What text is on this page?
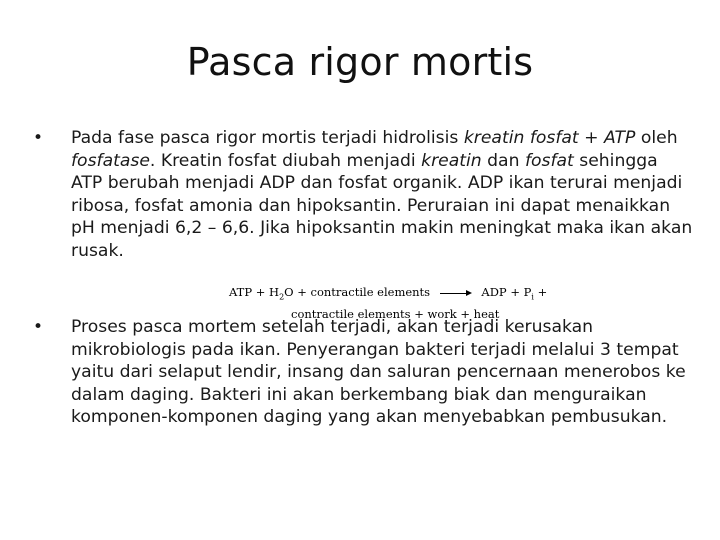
Pasca rigor mortis
• Pada fase pasca rigor mortis terjadi hidrolisis kreatin fosfat + ATP oleh fosfatase. Kreatin fosfat diubah menjadi kreatin dan fosfat sehingga ATP berubah menjadi ADP dan fosfat organik. ADP ikan terurai menjadi ribosa, fosfat amonia dan hipoksantin. Peruraian ini dapat menaikkan pH menjadi 6,2 – 6,6. Jika hipoksantin makin meningkat maka ikan akan rusak.
ATP + $H_2O$ + contractile elements	ADP + $P_i$ +
contractile elements + work + heat
• Proses pasca mortem setelah terjadi, akan terjadi kerusakan mikrobiologis pada ikan. Penyerangan bakteri terjadi melalui 3 tempat yaitu dari selaput lendir, insang dan saluran pencernaan menerobos ke dalam daging. Bakteri ini akan berkembang biak dan menguraikan komponen-komponen daging yang akan menyebabkan pembusukan.
